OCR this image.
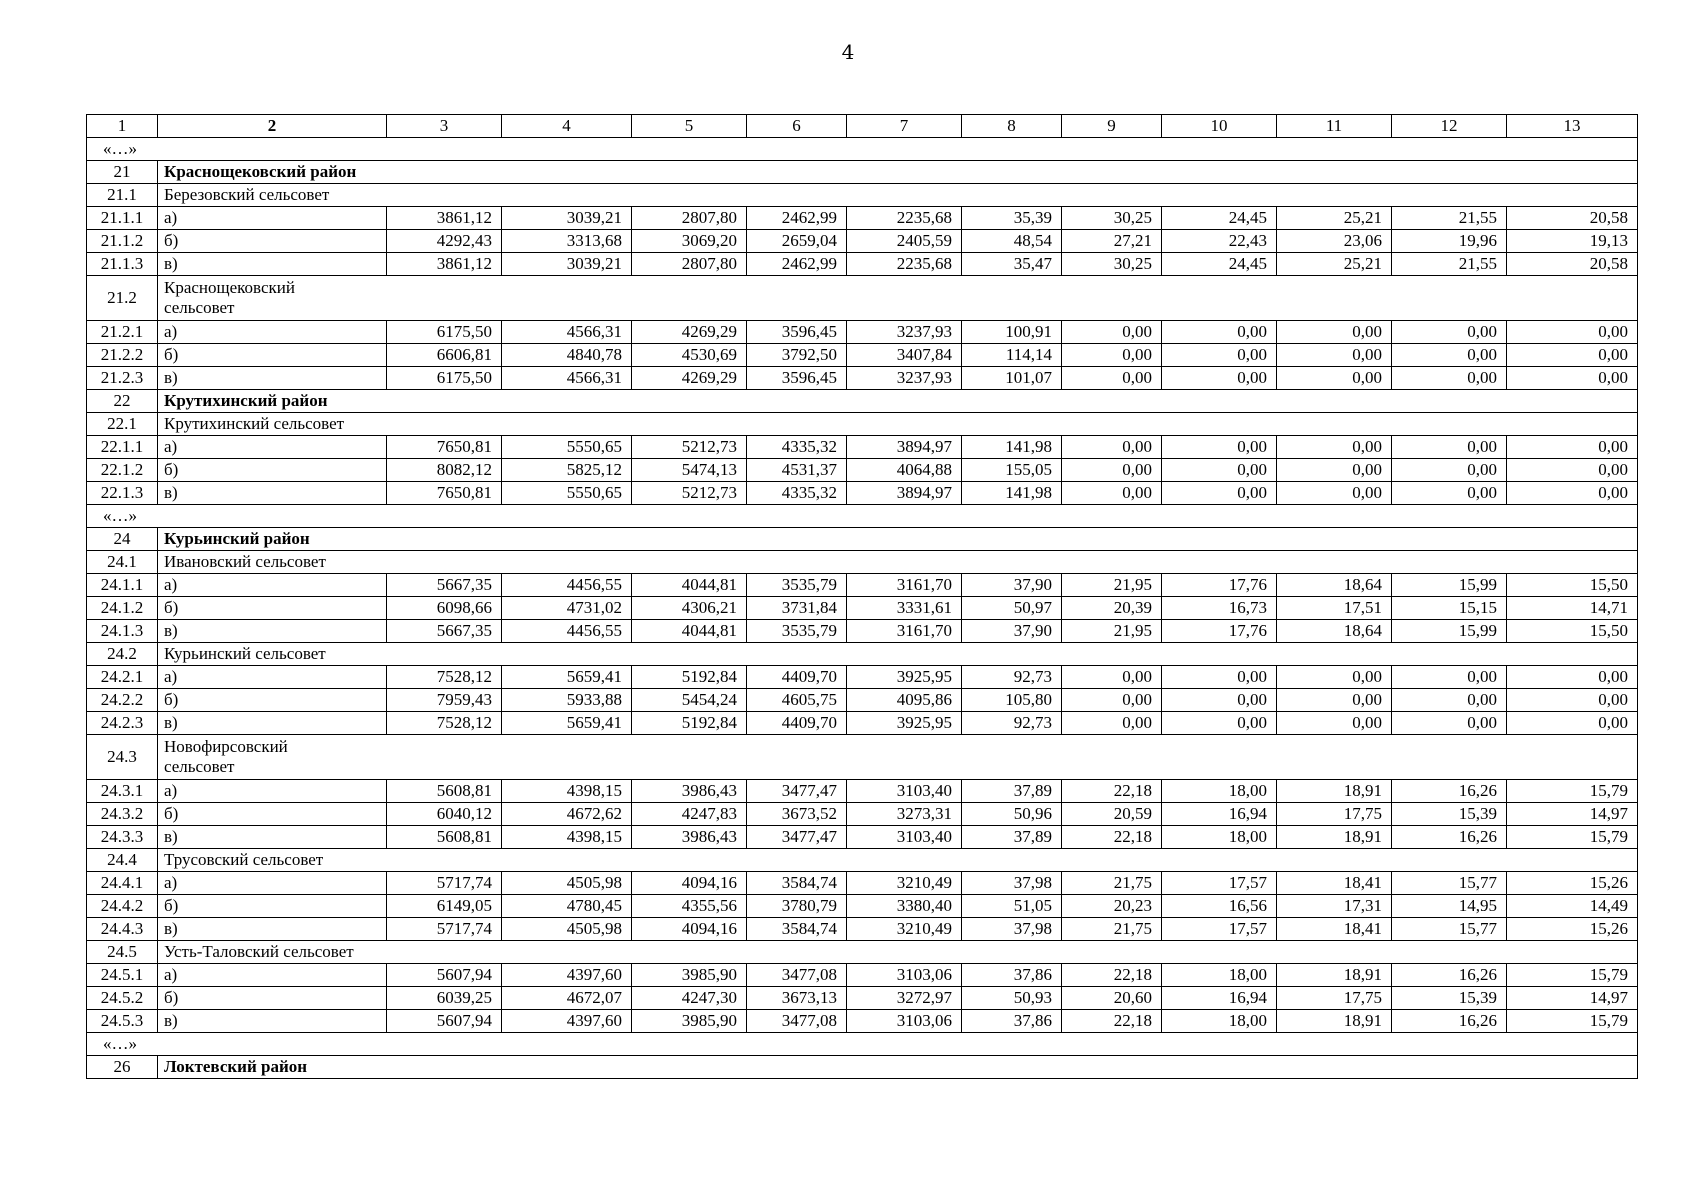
4
1	2	3	4	5	6	7	8	9	10	11	12	13
«…»												
21	Краснощековский район											
21.1	Березовский сельсовет											
21.1.1	а)	3861,12	3039,21	2807,80	2462,99	2235,68	35,39	30,25	24,45	25,21	21,55	20,58
21.1.2	б)	4292,43	3313,68	3069,20	2659,04	2405,59	48,54	27,21	22,43	23,06	19,96	19,13
21.1.3	в)	3861,12	3039,21	2807,80	2462,99	2235,68	35,47	30,25	24,45	25,21	21,55	20,58
21.2	Краснощековский сельсовет											

21.2.1	а)	6175,50	4566,31	4269,29	3596,45	3237,93	100,91	0,00	0,00	0,00	0,00	0,00
21.2.2	б)	6606,81	4840,78	4530,69	3792,50	3407,84	114,14	0,00	0,00	0,00	0,00	0,00
21.2.3	в)	6175,50	4566,31	4269,29	3596,45	3237,93	101,07	0,00	0,00	0,00	0,00	0,00
22	Крутихинский район											
22.1	Крутихинский сельсовет											
22.1.1	а)	7650,81	5550,65	5212,73	4335,32	3894,97	141,98	0,00	0,00	0,00	0,00	0,00
22.1.2	б)	8082,12	5825,12	5474,13	4531,37	4064,88	155,05	0,00	0,00	0,00	0,00	0,00
22.1.3	в)	7650,81	5550,65	5212,73	4335,32	3894,97	141,98	0,00	0,00	0,00	0,00	0,00
«…»												
24	Курьинский район											
24.1	Ивановский сельсовет											
24.1.1	а)	5667,35	4456,55	4044,81	3535,79	3161,70	37,90	21,95	17,76	18,64	15,99	15,50
24.1.2	б)	6098,66	4731,02	4306,21	3731,84	3331,61	50,97	20,39	16,73	17,51	15,15	14,71
24.1.3	в)	5667,35	4456,55	4044,81	3535,79	3161,70	37,90	21,95	17,76	18,64	15,99	15,50
24.2	Курьинский сельсовет											
24.2.1	а)	7528,12	5659,41	5192,84	4409,70	3925,95	92,73	0,00	0,00	0,00	0,00	0,00
24.2.2	б)	7959,43	5933,88	5454,24	4605,75	4095,86	105,80	0,00	0,00	0,00	0,00	0,00
24.2.3	в)	7528,12	5659,41	5192,84	4409,70	3925,95	92,73	0,00	0,00	0,00	0,00	0,00
24.3	Новофирсовский сельсовет											

24.3.1	а)	5608,81	4398,15	3986,43	3477,47	3103,40	37,89	22,18	18,00	18,91	16,26	15,79
24.3.2	б)	6040,12	4672,62	4247,83	3673,52	3273,31	50,96	20,59	16,94	17,75	15,39	14,97
24.3.3	в)	5608,81	4398,15	3986,43	3477,47	3103,40	37,89	22,18	18,00	18,91	16,26	15,79
24.4	Трусовский сельсовет											
24.4.1	а)	5717,74	4505,98	4094,16	3584,74	3210,49	37,98	21,75	17,57	18,41	15,77	15,26
24.4.2	б)	6149,05	4780,45	4355,56	3780,79	3380,40	51,05	20,23	16,56	17,31	14,95	14,49
24.4.3	в)	5717,74	4505,98	4094,16	3584,74	3210,49	37,98	21,75	17,57	18,41	15,77	15,26
24.5	Усть-Таловский сельсовет											
24.5.1	а)	5607,94	4397,60	3985,90	3477,08	3103,06	37,86	22,18	18,00	18,91	16,26	15,79
24.5.2	б)	6039,25	4672,07	4247,30	3673,13	3272,97	50,93	20,60	16,94	17,75	15,39	14,97
24.5.3	в)	5607,94	4397,60	3985,90	3477,08	3103,06	37,86	22,18	18,00	18,91	16,26	15,79
«…»												
26	Локтевский район											
